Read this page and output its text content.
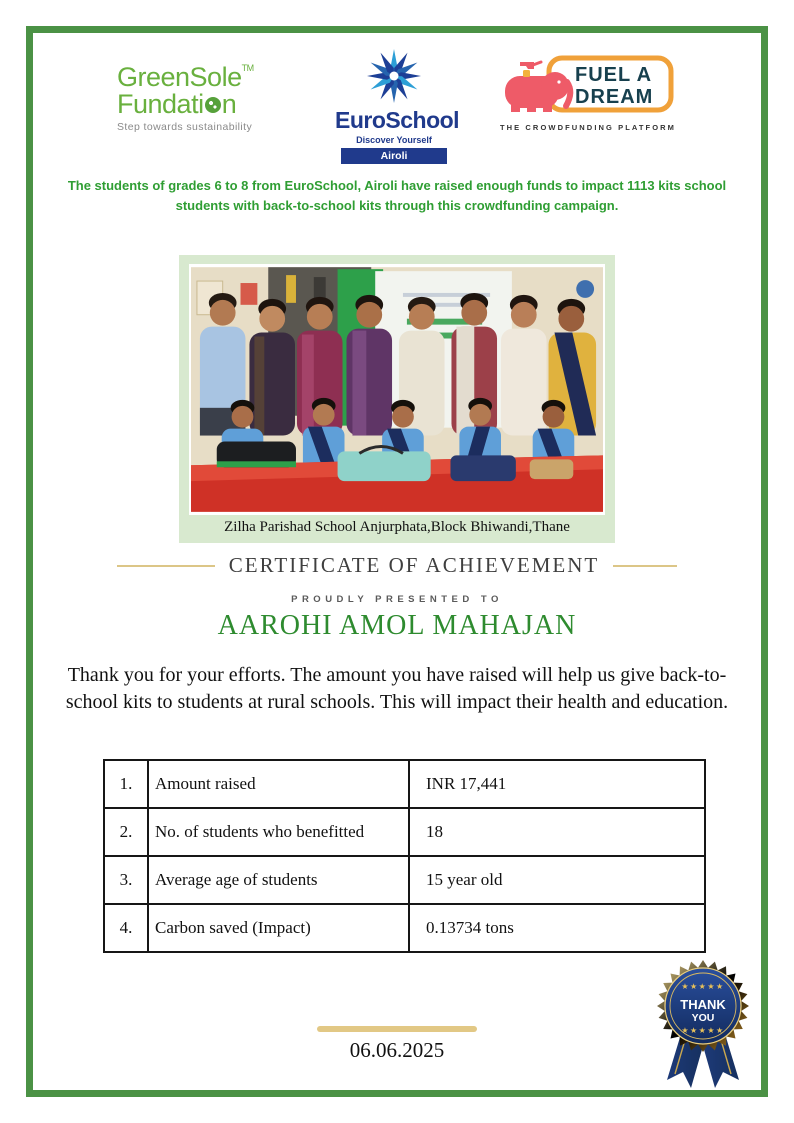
GreenSole™
Fundati n
Step towards sustainability	EuroSchool
Discover Yourself
Airoli
FUEL A
DREAM
THE CROWDFUNDING PLATFORM
The students of grades 6 to 8 from EuroSchool, Airoli have raised enough funds to impact 1113 kits school
students with back-to-school kits through this crowdfunding campaign.
Zilha Parishad School Anjurphata,Block Bhiwandi,Thane
CERTIFICATE OF ACHIEVEMENT
PROUDLY PRESENTED TO
AAROHI AMOL MAHAJAN
Thank you for your efforts. The amount you have raised will help us give back-to-
school kits to students at rural schools. This will impact their health and education.
1.	Amount raised	INR 17,441
2.	No. of students who benefitted	18
3.	Average age of students	15 year old
4.	Carbon saved (Impact)	0.13734 tons
06.06.2025
★★★★★
THANK
YOU
★★★★★
